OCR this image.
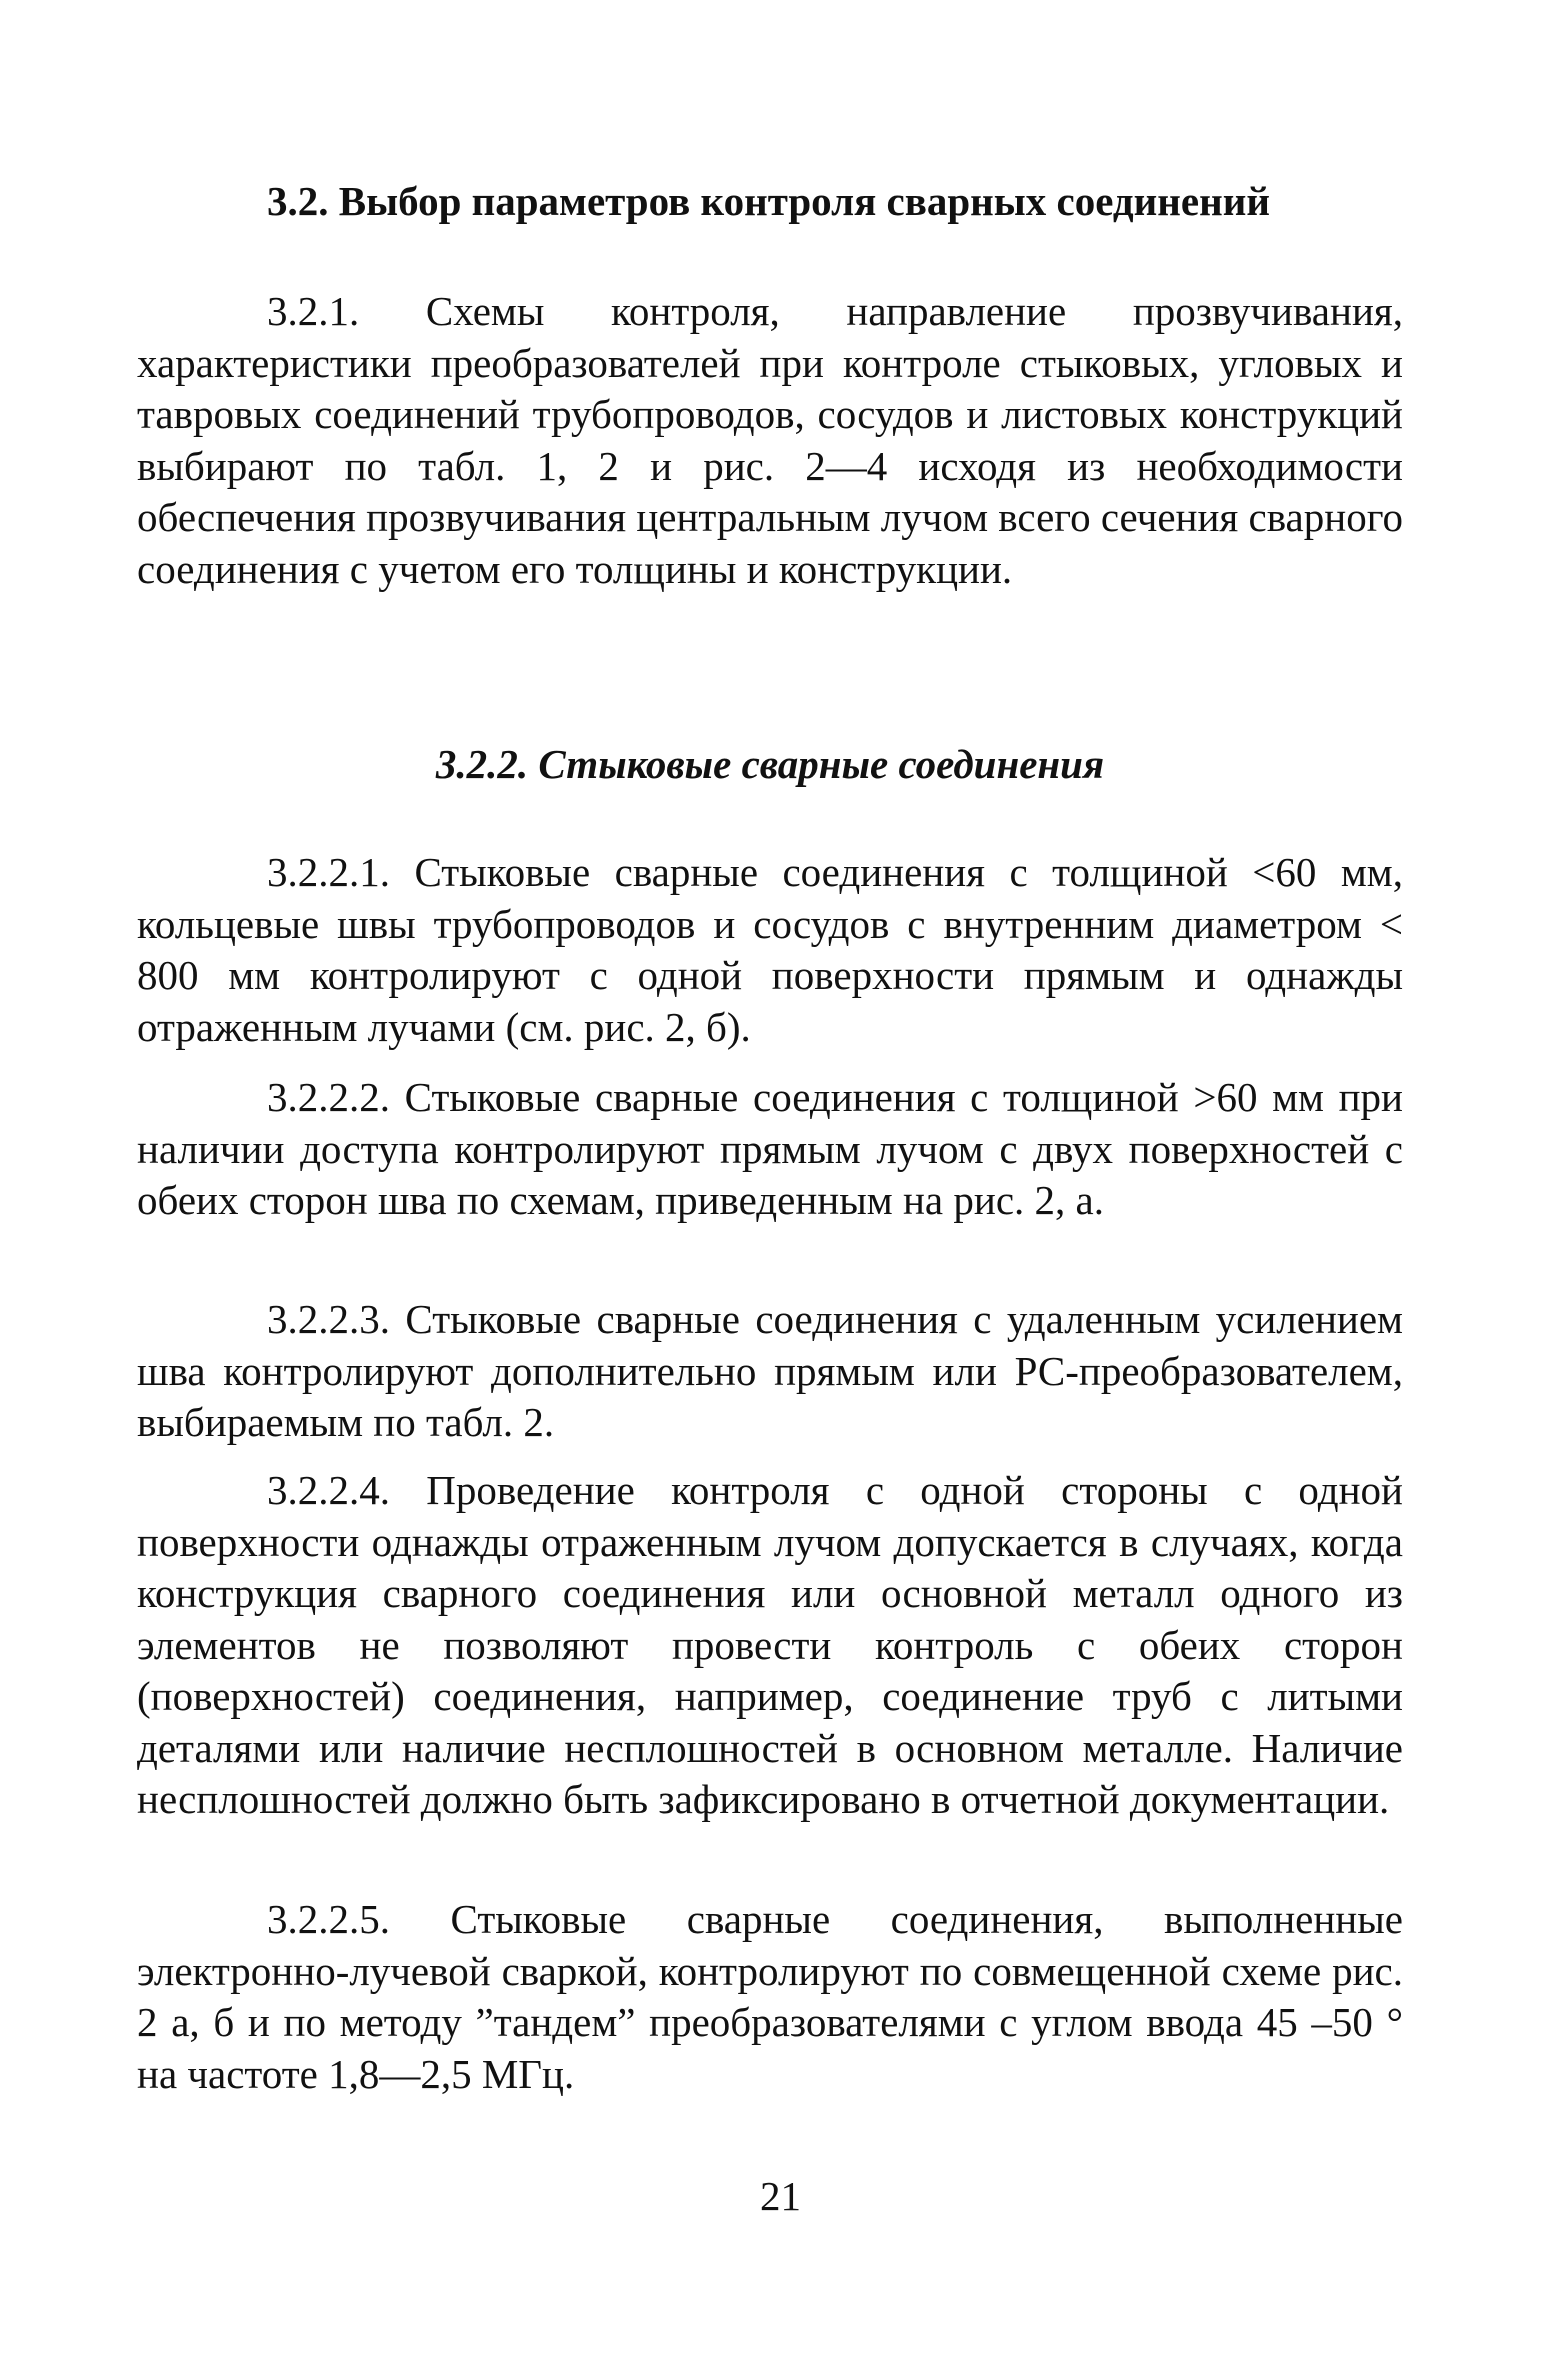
3.2. Выбор параметров контроля сварных соединений

3.2.1. Схемы контроля, направление прозвучивания, характеристики преобразователей при контроле стыковых, угловых и тавровых соединений трубопроводов, сосудов и листовых конструкций выбирают по табл. 1, 2 и рис. 2—4 исходя из необходимости обеспечения прозвучивания центральным лучом всего сечения сварного соединения с учетом его толщины и конструкции.

3.2.2. Стыковые сварные соединения

3.2.2.1. Стыковые сварные соединения с толщиной <60 мм, кольцевые швы трубопроводов и сосудов с внутренним диаметром < 800 мм контролируют с одной поверхности прямым и однажды отраженным лучами (см. рис. 2, б).

3.2.2.2. Стыковые сварные соединения с толщиной >60 мм при наличии доступа контролируют прямым лучом с двух поверхностей с обеих сторон шва по схемам, приведенным на рис. 2, а.

3.2.2.3. Стыковые сварные соединения с удаленным усилением шва контролируют дополнительно прямым или РС-преобразователем, выбираемым по табл. 2.

3.2.2.4. Проведение контроля с одной стороны с одной поверхности однажды отраженным лучом допускается в случаях, когда конструкция сварного соединения или основной металл одного из элементов не позволяют провести контроль с обеих сторон (поверхностей) соединения, например, соединение труб с литыми деталями или наличие несплошностей в основном металле. Наличие несплошностей должно быть зафиксировано в отчетной документации.

3.2.2.5. Стыковые сварные соединения, выполненные электронно-лучевой сваркой, контролируют по совмещенной схеме рис. 2 а, б и по методу ”тандем” преобразователями с углом ввода 45 –50 ° на частоте 1,8—2,5 МГц.

21
